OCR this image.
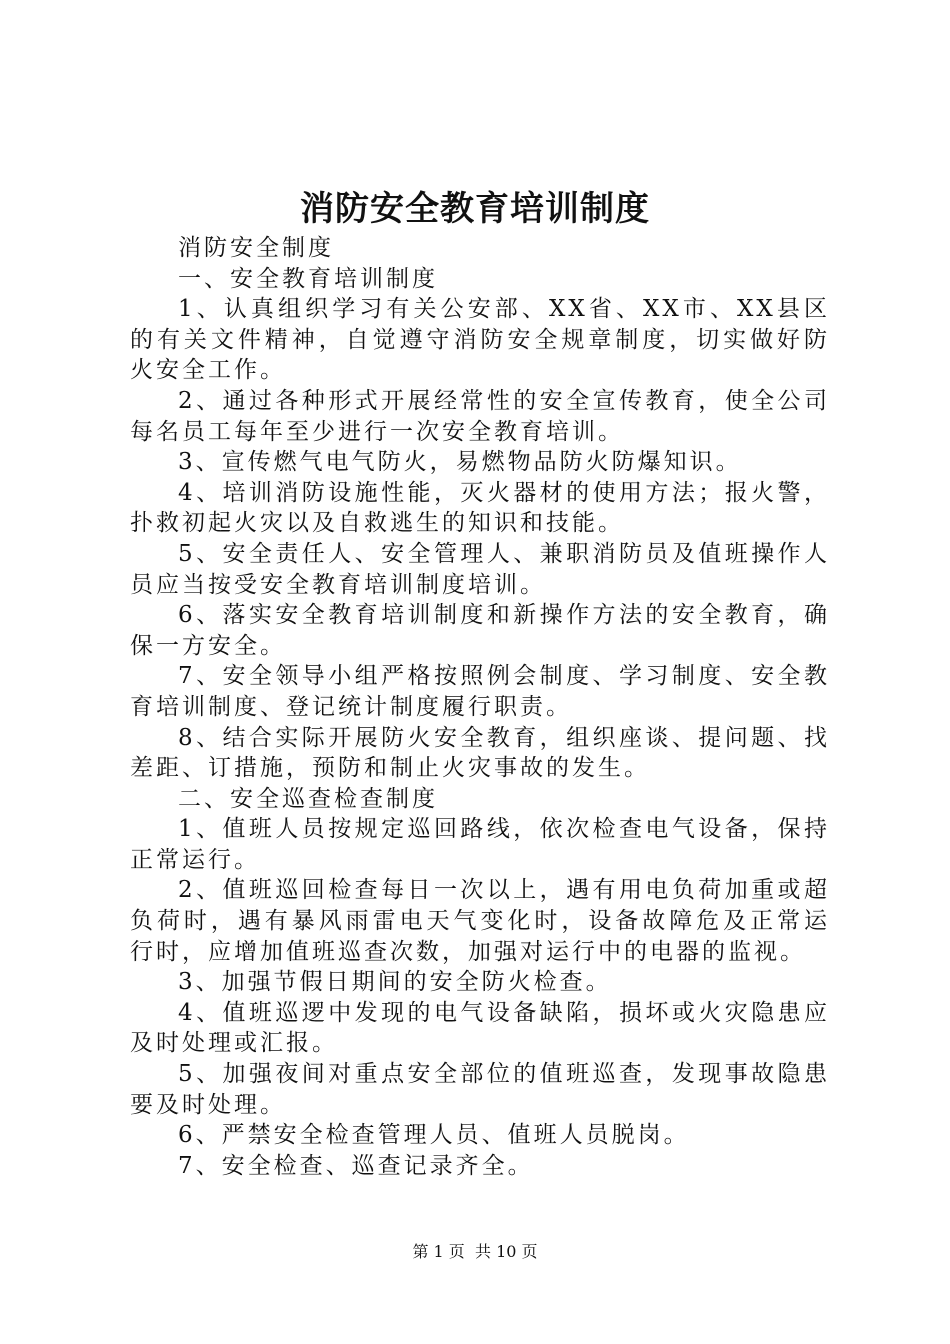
消防安全教育培训制度

消防安全制度

一、安全教育培训制度

1、认真组织学习有关公安部、XX省、XX市、XX县区的有关文件精神，自觉遵守消防安全规章制度，切实做好防火安全工作。

2、通过各种形式开展经常性的安全宣传教育，使全公司每名员工每年至少进行一次安全教育培训。

3、宣传燃气电气防火，易燃物品防火防爆知识。

4、培训消防设施性能，灭火器材的使用方法；报火警，扑救初起火灾以及自救逃生的知识和技能。

5、安全责任人、安全管理人、兼职消防员及值班操作人员应当按受安全教育培训制度培训。

6、落实安全教育培训制度和新操作方法的安全教育，确保一方安全。

7、安全领导小组严格按照例会制度、学习制度、安全教育培训制度、登记统计制度履行职责。

8、结合实际开展防火安全教育，组织座谈、提问题、找差距、订措施，预防和制止火灾事故的发生。

二、安全巡查检查制度

1、值班人员按规定巡回路线，依次检查电气设备，保持正常运行。

2、值班巡回检查每日一次以上，遇有用电负荷加重或超负荷时，遇有暴风雨雷电天气变化时，设备故障危及正常运行时，应增加值班巡查次数，加强对运行中的电器的监视。

3、加强节假日期间的安全防火检查。

4、值班巡逻中发现的电气设备缺陷，损坏或火灾隐患应及时处理或汇报。

5、加强夜间对重点安全部位的值班巡查，发现事故隐患要及时处理。

6、严禁安全检查管理人员、值班人员脱岗。

7、安全检查、巡查记录齐全。

第 1 页 共 10 页
